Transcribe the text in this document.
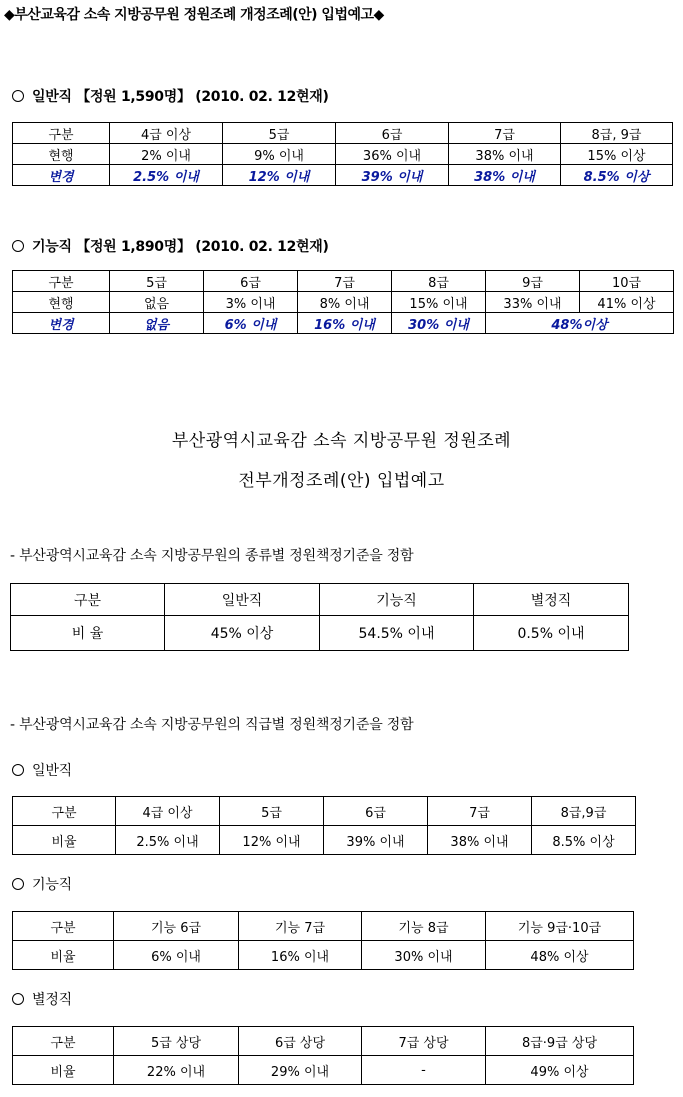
◆부산교육감 소속 지방공무원 정원조례 개정조례(안) 입법예고◆
일반직 【정원 1,590명】 (2010. 02. 12현재)
구분	4급 이상	5급	6급	7급	8급, 9급
현행	2% 이내	9% 이내	36% 이내	38% 이내	15% 이상
변경	2.5% 이내	12% 이내	39% 이내	38% 이내	8.5% 이상
기능직 【정원 1,890명】 (2010. 02. 12현재)
구분	5급	6급	7급	8급	9급	10급
현행	없음	3% 이내	8% 이내	15% 이내	33% 이내	41% 이상
변경	없음	6% 이내	16% 이내	30% 이내	48%이상	
부산광역시교육감 소속 지방공무원 정원조례
전부개정조례(안) 입법예고
- 부산광역시교육감 소속 지방공무원의 종류별 정원책정기준을 정함
구분	일반직	기능직	별정직
비 율	45% 이상	54.5% 이내	0.5% 이내
- 부산광역시교육감 소속 지방공무원의 직급별 정원책정기준을 정함
일반직
구분	4급 이상	5급	6급	7급	8급,9급
비율	2.5% 이내	12% 이내	39% 이내	38% 이내	8.5% 이상
기능직
구분	기능 6급	기능 7급	기능 8급	기능 9급·10급
비율	6% 이내	16% 이내	30% 이내	48% 이상
별정직
구분	5급 상당	6급 상당	7급 상당	8급·9급 상당
비율	22% 이내	29% 이내	-	49% 이상
